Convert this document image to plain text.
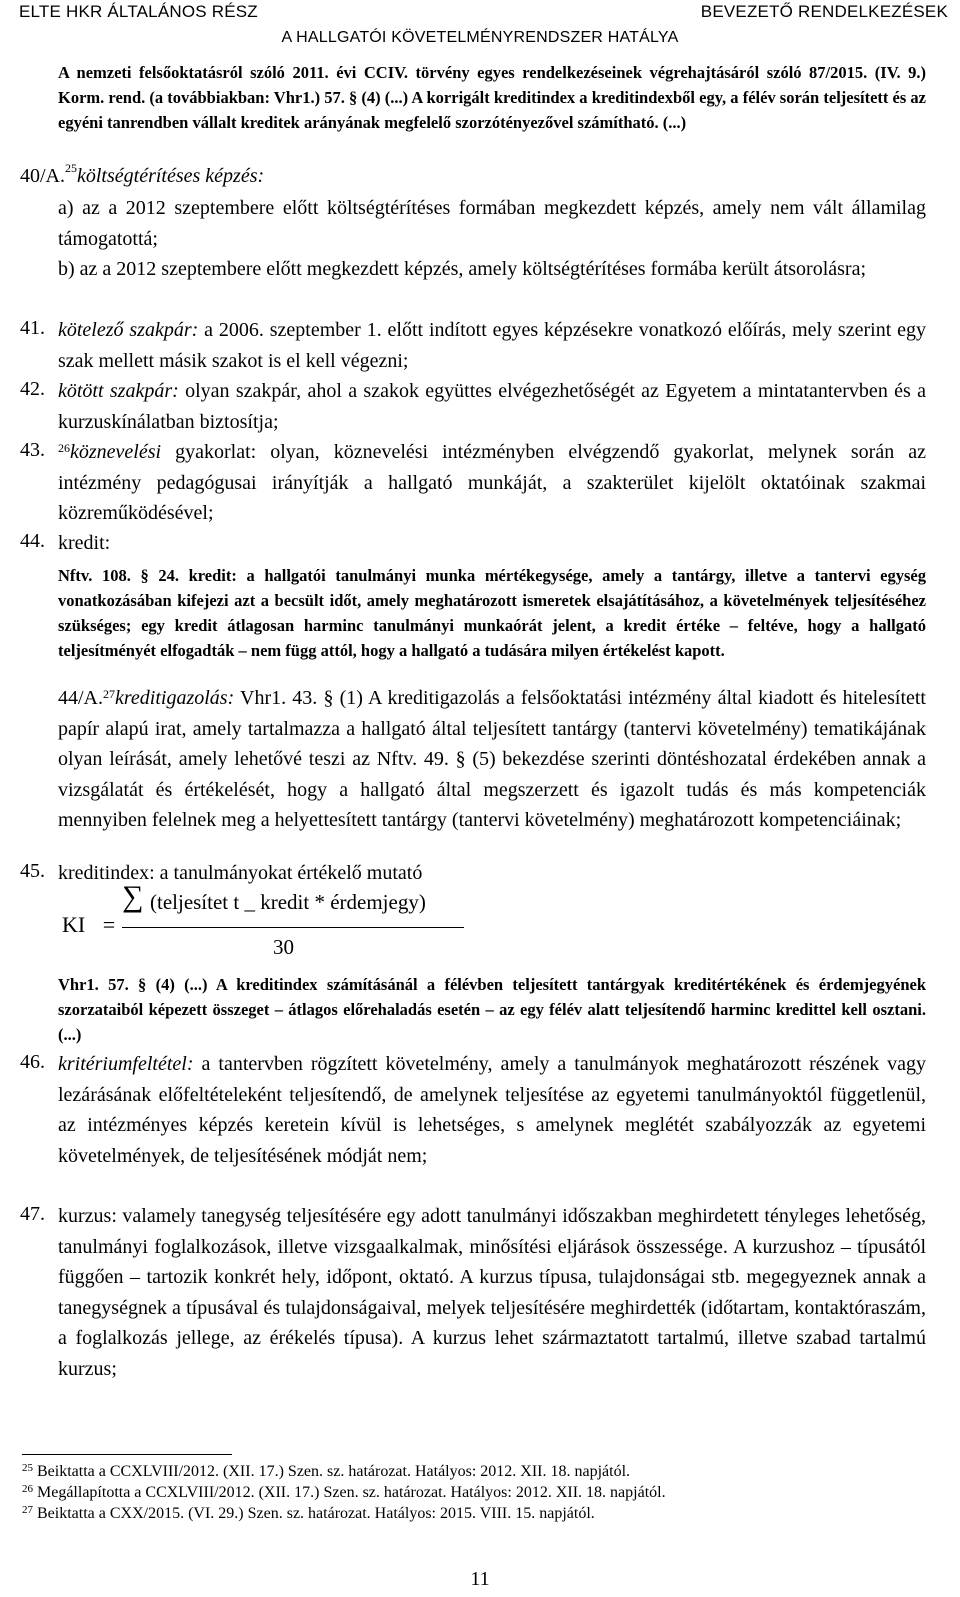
ELTE HKR ÁLTALÁNOS RÉSZ	BEVEZETŐ RENDELKEZÉSEK
A HALLGATÓI KÖVETELMÉNYRENDSZER HATÁLYA
A nemzeti felsőoktatásról szóló 2011. évi CCIV. törvény egyes rendelkezéseinek végrehajtásáról szóló 87/2015. (IV. 9.) Korm. rend. (a továbbiakban: Vhr1.) 57. § (4) (...) A korrigált kreditindex a kreditindexből egy, a félév során teljesített és az egyéni tanrendben vállalt kreditek arányának megfelelő szorzótényezővel számítható. (...)
40/A.$^{25}$költségtérítéses képzés:
a) az a 2012 szeptembere előtt költségtérítéses formában megkezdett képzés, amely nem vált államilag támogatottá;
b) az a 2012 szeptembere előtt megkezdett képzés, amely költségtérítéses formába került átsorolásra;
41. kötelező szakpár: a 2006. szeptember 1. előtt indított egyes képzésekre vonatkozó előírás, mely szerint egy szak mellett másik szakot is el kell végezni;
42. kötött szakpár: olyan szakpár, ahol a szakok együttes elvégezhetőségét az Egyetem a mintatantervben és a kurzuskínálatban biztosítja;
43. $^{26}$köznevelési gyakorlat: olyan, köznevelési intézményben elvégzendő gyakorlat, melynek során az intézmény pedagógusai irányítják a hallgató munkáját, a szakterület kijelölt oktatóinak szakmai közreműködésével;
44. kredit:
Nftv. 108. § 24. kredit: a hallgatói tanulmányi munka mértékegysége, amely a tantárgy, illetve a tantervi egység vonatkozásában kifejezi azt a becsült időt, amely meghatározott ismeretek elsajátításához, a követelmények teljesítéséhez szükséges; egy kredit átlagosan harminc tanulmányi munkaórát jelent, a kredit értéke – feltéve, hogy a hallgató teljesítményét elfogadták – nem függ attól, hogy a hallgató a tudására milyen értékelést kapott.
44/A.$^{27}$kreditigazolás: Vhr1. 43. § (1) A kreditigazolás a felsőoktatási intézmény által kiadott és hitelesített papír alapú irat, amely tartalmazza a hallgató által teljesített tantárgy (tantervi követelmény) tematikájának olyan leírását, amely lehetővé teszi az Nftv. 49. § (5) bekezdése szerinti döntéshozatal érdekében annak a vizsgálatát és értékelését, hogy a hallgató által megszerzett és igazolt tudás és más kompetenciák mennyiben felelnek meg a helyettesített tantárgy (tantervi követelmény) meghatározott kompetenciáinak;
45. kreditindex: a tanulmányokat értékelő mutató
KI =
∑ (teljesítet t _ kredit * érdemjegy)
30
Vhr1. 57. § (4) (...) A kreditindex számításánál a félévben teljesített tantárgyak kreditértékének és érdemjegyének szorzataiból képezett összeget – átlagos előrehaladás esetén – az egy félév alatt teljesítendő harminc kredittel kell osztani. (...)
46. kritériumfeltétel: a tantervben rögzített követelmény, amely a tanulmányok meghatározott részének vagy lezárásának előfeltételeként teljesítendő, de amelynek teljesítése az egyetemi tanulmányoktól függetlenül, az intézményes képzés keretein kívül is lehetséges, s amelynek meglétét szabályozzák az egyetemi követelmények, de teljesítésének módját nem;
47. kurzus: valamely tanegység teljesítésére egy adott tanulmányi időszakban meghirdetett tényleges lehetőség, tanulmányi foglalkozások, illetve vizsgaalkalmak, minősítési eljárások összessége. A kurzushoz – típusától függően – tartozik konkrét hely, időpont, oktató. A kurzus típusa, tulajdonságai stb. megegyeznek annak a tanegységnek a típusával és tulajdonságaival, melyek teljesítésére meghirdették (időtartam, kontaktóraszám, a foglalkozás jellege, az érékelés típusa). A kurzus lehet származtatott tartalmú, illetve szabad tartalmú kurzus;
$^{25}$ Beiktatta a CCXLVIII/2012. (XII. 17.) Szen. sz. határozat. Hatályos: 2012. XII. 18. napjától.
$^{26}$ Megállapította a CCXLVIII/2012. (XII. 17.) Szen. sz. határozat. Hatályos: 2012. XII. 18. napjától.
$^{27}$ Beiktatta a CXX/2015. (VI. 29.) Szen. sz. határozat. Hatályos: 2015. VIII. 15. napjától.
11
